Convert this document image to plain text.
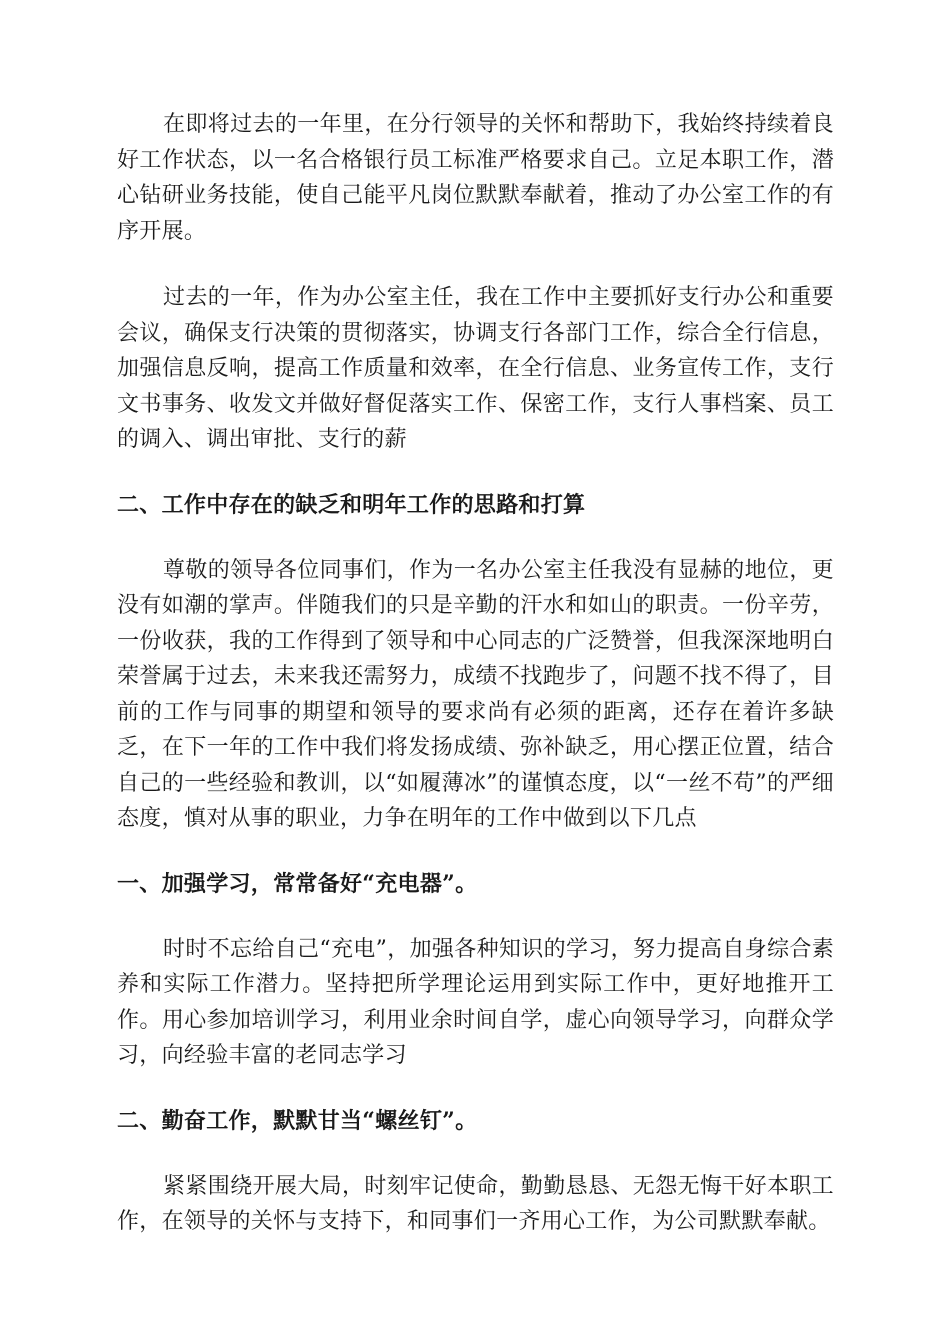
在即将过去的一年里，在分行领导的关怀和帮助下，我始终持续着良好工作状态，以一名合格银行员工标准严格要求自己。立足本职工作，潜心钻研业务技能，使自己能平凡岗位默默奉献着，推动了办公室工作的有序开展。

过去的一年，作为办公室主任，我在工作中主要抓好支行办公和重要会议，确保支行决策的贯彻落实，协调支行各部门工作，综合全行信息，加强信息反响，提高工作质量和效率，在全行信息、业务宣传工作，支行文书事务、收发文并做好督促落实工作、保密工作，支行人事档案、员工的调入、调出审批、支行的薪

二、工作中存在的缺乏和明年工作的思路和打算

尊敬的领导各位同事们，作为一名办公室主任我没有显赫的地位，更没有如潮的掌声。伴随我们的只是辛勤的汗水和如山的职责。一份辛劳，一份收获，我的工作得到了领导和中心同志的广泛赞誉，但我深深地明白荣誉属于过去，未来我还需努力，成绩不找跑步了，问题不找不得了，目前的工作与同事的期望和领导的要求尚有必须的距离，还存在着许多缺乏，在下一年的工作中我们将发扬成绩、弥补缺乏，用心摆正位置，结合自己的一些经验和教训，以“如履薄冰”的谨慎态度，以“一丝不苟”的严细态度，慎对从事的职业，力争在明年的工作中做到以下几点

一、加强学习，常常备好“充电器”。

时时不忘给自己“充电”，加强各种知识的学习，努力提高自身综合素养和实际工作潜力。坚持把所学理论运用到实际工作中，更好地推开工作。用心参加培训学习，利用业余时间自学，虚心向领导学习，向群众学习，向经验丰富的老同志学习

二、勤奋工作，默默甘当“螺丝钉”。

紧紧围绕开展大局，时刻牢记使命，勤勤恳恳、无怨无悔干好本职工作，在领导的关怀与支持下，和同事们一齐用心工作，为公司默默奉献。
